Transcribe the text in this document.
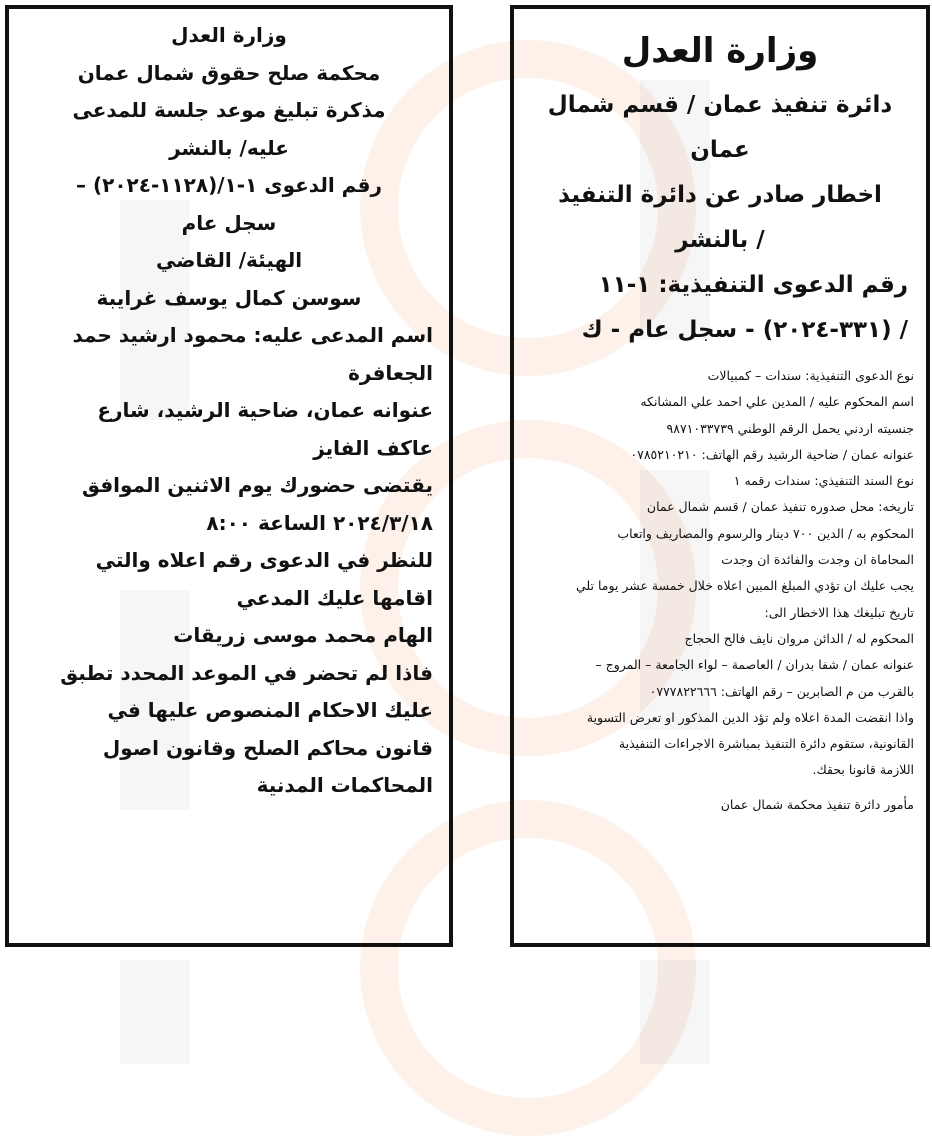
وزارة العدل
محكمة صلح حقوق شمال عمان
مذكرة تبليغ موعد جلسة للمدعى
عليه/ بالنشر
رقم الدعوى ١-١/(١١٢٨-٢٠٢٤) –
سجل عام
الهيئة/ القاضي
سوسن كمال يوسف غرايبة
اسم المدعى عليه: محمود ارشيد حمد
الجعافرة
عنوانه عمان، ضاحية الرشيد، شارع
عاكف الفايز
يقتضى حضورك يوم الاثنين الموافق
٢٠٢٤/٣/١٨ الساعة ٨:٠٠
للنظر في الدعوى رقم اعلاه والتي
اقامها عليك المدعي
الهام محمد موسى زريقات
فاذا لم تحضر في الموعد المحدد تطبق
عليك الاحكام المنصوص عليها في
قانون محاكم الصلح وقانون اصول
المحاكمات المدنية
وزارة العدل
دائرة تنفيذ عمان / قسم شمال
عمان
اخطار صادر عن دائرة التنفيذ
/ بالنشر
رقم الدعوى التنفيذية: ١-١١
/ (٣٣١-٢٠٢٤) - سجل عام - ك
نوع الدعوى التنفيذية: سندات – كمبيالات
اسم المحكوم عليه / المدين علي احمد علي المشانكه
جنسيته اردني يحمل الرقم الوطني ٩٨٧١٠٣٣٧٣٩
عنوانه عمان / ضاحية الرشيد رقم الهاتف: ٠٧٨٥٢١٠٢١٠
نوع السند التنفيذي: سندات رقمه ١
تاريخه: محل صدوره تنفيذ عمان / قسم شمال عمان
المحكوم به / الدين ٧٠٠ دينار والرسوم والمصاريف واتعاب
المحاماة ان وجدت والفائدة ان وجدت
يجب عليك ان تؤدي المبلغ المبين اعلاه خلال خمسة عشر يوما تلي
تاريخ تبليغك هذا الاخطار الى:
المحكوم له / الدائن مروان نايف فالح الحجاج
عنوانه عمان / شفا بدران / العاصمة – لواء الجامعة – المروج –
بالقرب من م الصابرين – رقم الهاتف: ٠٧٧٧٨٢٢٦٦٦
واذا انقضت المدة اعلاه ولم تؤد الدين المذكور او تعرض التسوية
القانونية، ستقوم دائرة التنفيذ بمباشرة الاجراءات التنفيذية
اللازمة قانونا بحقك.
مأمور دائرة تنفيذ محكمة شمال عمان
